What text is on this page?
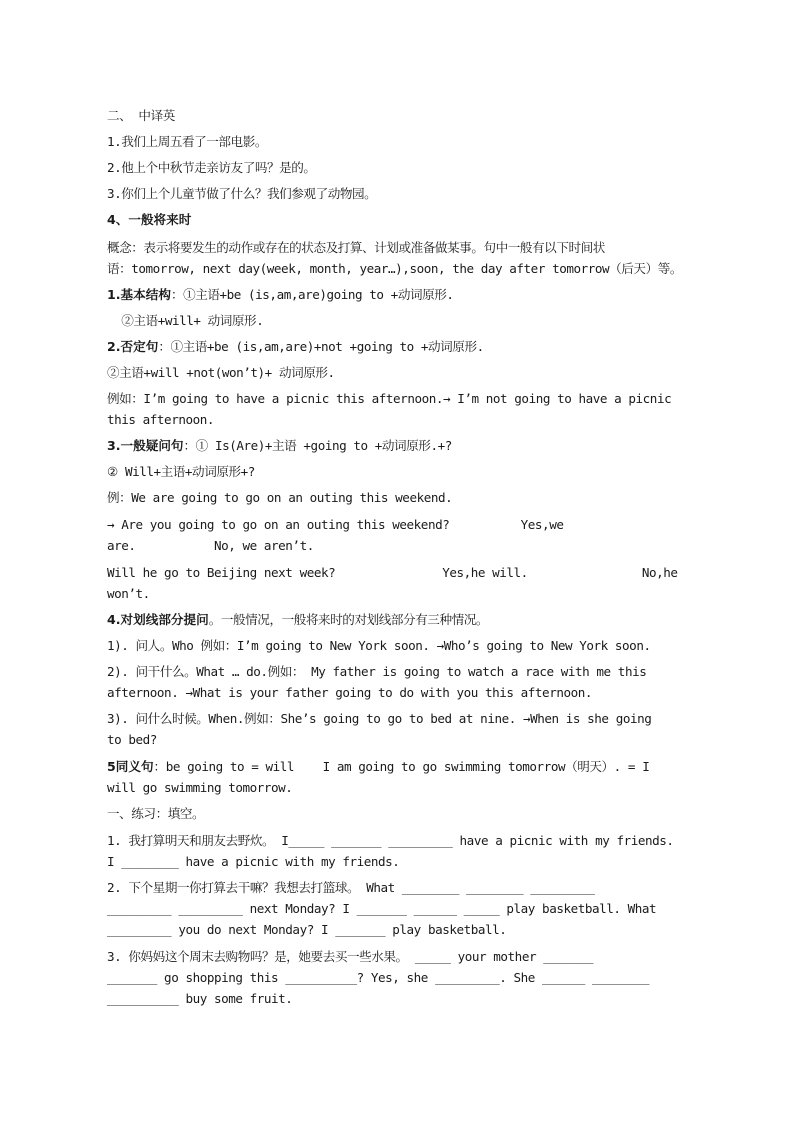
二、 中译英
1.我们上周五看了一部电影。
2.他上个中秋节走亲访友了吗？是的。
3.你们上个儿童节做了什么？我们参观了动物园。
4、一般将来时
概念：表示将要发生的动作或存在的状态及打算、计划或准备做某事。句中一般有以下时间状
语：tomorrow, next day(week, month, year…),soon, the day after tomorrow（后天）等。
1.基本结构：①主语+be (is,am,are)going to +动词原形.
②主语+will+ 动词原形.
2.否定句：①主语+be (is,am,are)+not +going to +动词原形.
②主语+will +not(won’t)+ 动词原形.
例如：I’m going to have a picnic this afternoon.→ I’m not going to have a picnic
this afternoon.
3.一般疑问句：① Is(Are)+主语 +going to +动词原形.+?
② Will+主语+动词原形+?
例：We are going to go on an outing this weekend.
→ Are you going to go on an outing this weekend?          Yes,we
are.           No, we aren’t.
Will he go to Beijing next week?               Yes,he will.                No,he
won’t.
4.对划线部分提问。一般情况，一般将来时的对划线部分有三种情况。
1). 问人。Who 例如：I’m going to New York soon. →Who’s going to New York soon.
2). 问干什么。What … do.例如： My father is going to watch a race with me this
afternoon. →What is your father going to do with you this afternoon.
3). 问什么时候。When.例如：She’s going to go to bed at nine. →When is she going
to bed?
5同义句：be going to = will    I am going to go swimming tomorrow（明天）. = I
will go swimming tomorrow.
一、练习：填空。
1. 我打算明天和朋友去野炊。 I_____ _______ _________ have a picnic with my friends.
I ________ have a picnic with my friends.
2. 下个星期一你打算去干嘛？我想去打篮球。 What ________ ________ _________
_________ _________ next Monday? I _______ ______ _____ play basketball. What
_________ you do next Monday? I _______ play basketball.
3. 你妈妈这个周末去购物吗？是，她要去买一些水果。 _____ your mother _______
_______ go shopping this __________? Yes, she _________. She ______ ________
__________ buy some fruit.
